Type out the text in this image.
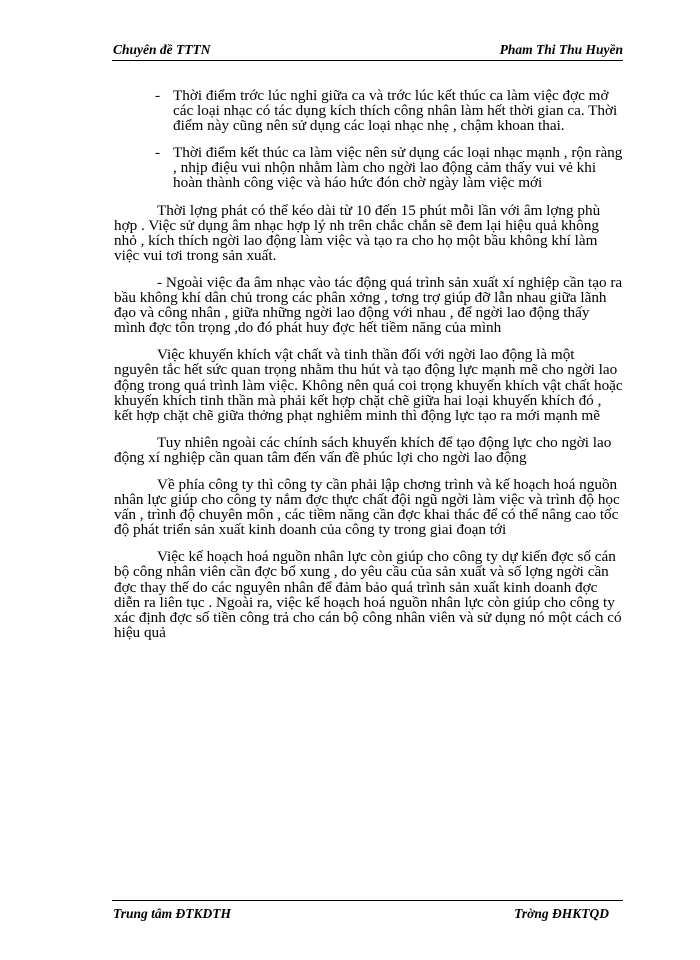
Chuyên đề TTTN	Pham Thi Thu Huyền
- Thời điểm trớc lúc nghỉ giữa ca và trớc lúc kết thúc ca làm việc đợc mở các loại nhạc có tác dụng kích thích công nhân làm hết thời gian ca. Thời điểm này cũng nên sử dụng các loại nhạc nhẹ , chậm khoan thai.
- Thời điểm kết thúc ca làm việc nên sử dụng các loại nhạc mạnh , rộn ràng , nhịp điệu vui nhộn nhằm làm cho ngời lao động cảm thấy vui vẻ khi hoàn thành công việc và háo hức đón chờ ngày làm việc mới

Thời lợng phát có thể kéo dài từ 10 đến 15 phút mỗi lần với âm lợng phù hợp . Việc sử dụng âm nhạc hợp lý nh trên chắc chắn sẽ đem lại hiệu quả không nhỏ , kích thích ngời lao động làm việc và tạo ra cho họ một bầu không khí làm việc vui tơi trong sản xuất.

- Ngoài việc đa âm nhạc vào tác động quá trình sản xuất xí nghiệp cần tạo ra bầu không khí dân chủ trong các phân xởng , tơng trợ giúp đỡ lẫn nhau giữa lãnh đạo và công nhân , giữa những ngời lao động với nhau , để ngời lao động thấy mình đợc tôn trọng ,do đó phát huy đợc hết tiềm năng của mình

Việc khuyến khích vật chất và tinh thần đối với ngời lao động là một nguyên tắc hết sức quan trọng nhằm thu hút và tạo động lực mạnh mẽ cho ngời lao động trong quá trình làm việc. Không nên quá coi trọng khuyến khích vật chất hoặc khuyến khích tinh thần mà phải kết hợp chặt chẽ giữa hai loại khuyến khích đó , kết hợp chặt chẽ giữa thởng phạt nghiêm minh thì động lực tạo ra mới mạnh mẽ

Tuy nhiên ngoài các chính sách khuyến khích để tạo động lực cho ngời lao động xí nghiệp cần quan tâm đến vấn đề phúc lợi cho ngời lao động

Về phía công ty thì công ty cần phải lập chơng trình và kế hoạch hoá nguồn nhân lực giúp cho công ty nắm đợc thực chất đội ngũ ngời làm việc và trình độ học vấn , trình độ chuyên môn , các tiềm năng cần đợc khai thác để có thể nâng cao tốc độ phát triển sản xuất kinh doanh của công ty trong giai đoạn tới

Việc kế hoạch hoá nguồn nhân lực còn giúp cho công ty dự kiến đợc số cán bộ công nhân viên cần đợc bổ xung , do yêu cầu của sản xuất và số lợng ngời cần đợc thay thế do các nguyên nhân để đảm bảo quá trình sản xuất kinh doanh đợc diễn ra liên tục . Ngoài ra, việc kế hoạch hoá nguồn nhân lực còn giúp cho công ty xác định đợc số tiền công trả cho cán bộ công nhân viên và sử dụng nó một cách có hiệu quả

Trung tâm ĐTKDTH	Trờng ĐHKTQD
